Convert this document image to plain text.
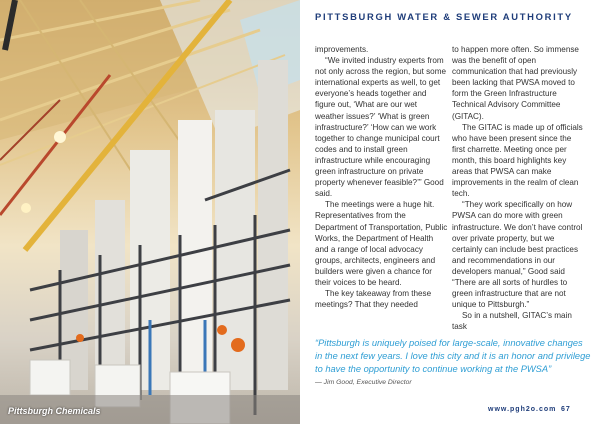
Pittsburgh Chemicals
PITTSBURGH WATER & SEWER AUTHORITY

improvements.

“We invited industry experts from not only across the region, but some international experts as well, to get everyone’s heads together and figure out, ‘What are our wet weather issues?’ ‘What is green infrastructure?’ ‘How can we work together to change municipal court codes and to install green infrastructure while encouraging green infrastructure on private property whenever feasible?’” Good said.

The meetings were a huge hit. Representatives from the Department of Transportation, Public Works, the Department of Health and a range of local advocacy groups, architects, engineers and builders were given a chance for their voices to be heard.

The key takeaway from these meetings? That they needed

to happen more often. So immense was the benefit of open communication that had previously been lacking that PWSA moved to form the Green Infrastructure Technical Advisory Committee (GITAC).

The GITAC is made up of officials who have been present since the first charrette. Meeting once per month, this board highlights key areas that PWSA can make improvements in the realm of clean tech.

“They work specifically on how PWSA can do more with green infrastructure. We don’t have control over private property, but we certainly can include best practices and recommendations in our developers manual,” Good said “There are all sorts of hurdles to green infrastructure that are not unique to Pittsburgh.”

So in a nutshell, GITAC’s main task

“Pittsburgh is uniquely poised for large-scale, innovative changes in the next few years. I love this city and it is an honor and privilege to have the opportunity to continue working at the PWSA”

— Jim Good, Executive Director
www.pgh2o.com 67
